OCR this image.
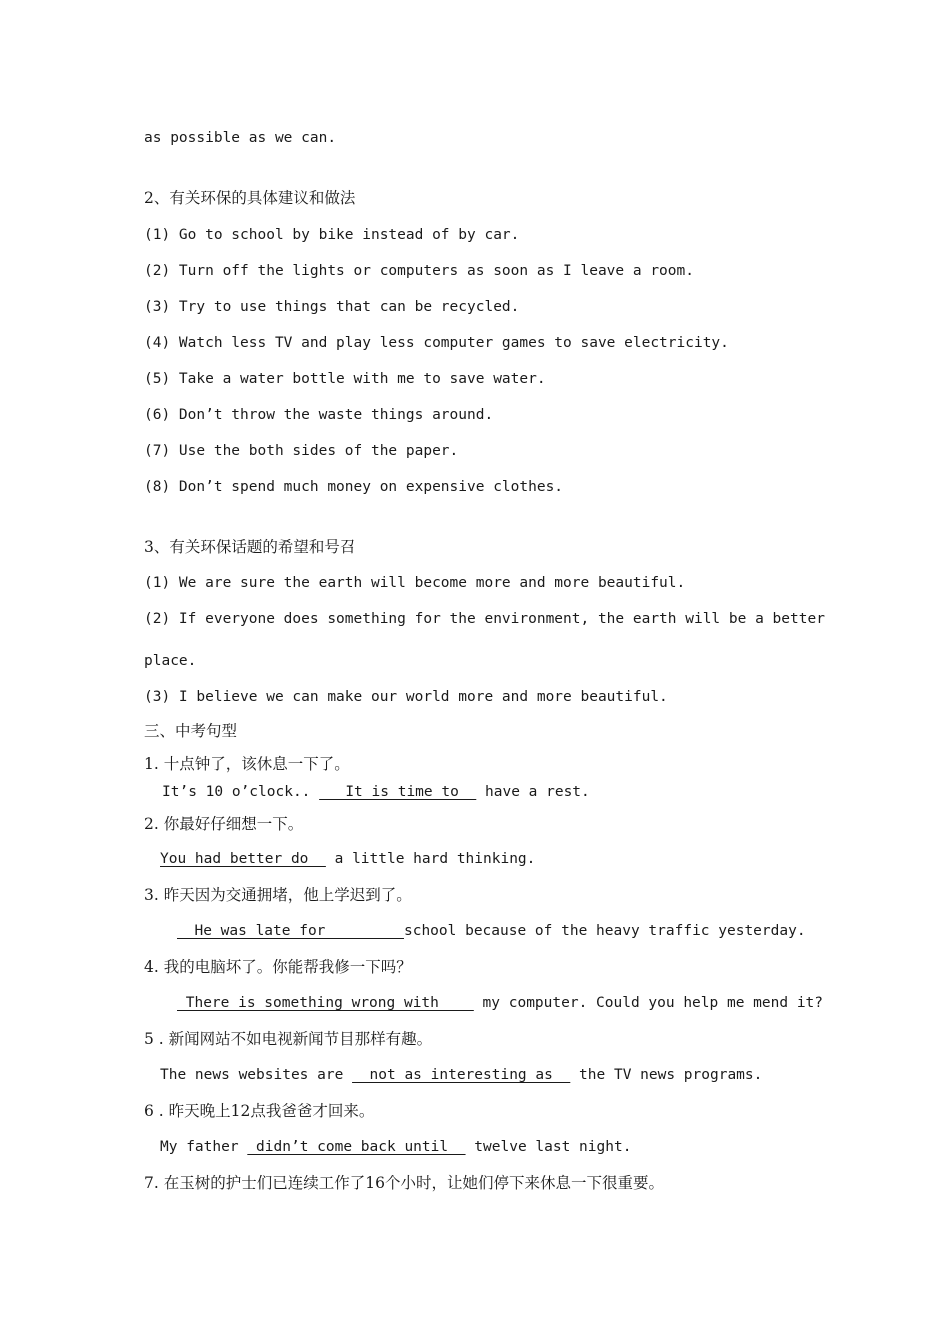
as possible as we can.
2、有关环保的具体建议和做法
(1) Go to school by bike instead of by car.
(2) Turn off the lights or computers as soon as I leave a room.
(3) Try to use things that can be recycled.
(4) Watch less TV and play less computer games to save electricity.
(5) Take a water bottle with me to save water.
(6) Don’t throw the waste things around.
(7) Use the both sides of the paper.
(8) Don’t spend much money on expensive clothes.
3、有关环保话题的希望和号召
(1) We are sure the earth will become more and more beautiful.
(2) If everyone does something for the environment, the earth will be a better
place.
(3) I believe we can make our world more and more beautiful.
三、中考句型
1. 十点钟了，该休息一下了。
It’s 10 o’clock..    It is time to   have a rest.
2. 你最好仔细想一下。
You had better do   a little hard thinking.
3. 昨天因为交通拥堵，他上学迟到了。
He was late for         school because of the heavy traffic yesterday.
4. 我的电脑坏了。你能帮我修一下吗？
There is something wrong with     my computer. Could you help me mend it?
5 . 新闻网站不如电视新闻节目那样有趣。
The news websites are   not as interesting as   the TV news programs.
6 . 昨天晚上12点我爸爸才回来。
My father  didn’t come back until   twelve last night.
7. 在玉树的护士们已连续工作了16个小时，让她们停下来休息一下很重要。
